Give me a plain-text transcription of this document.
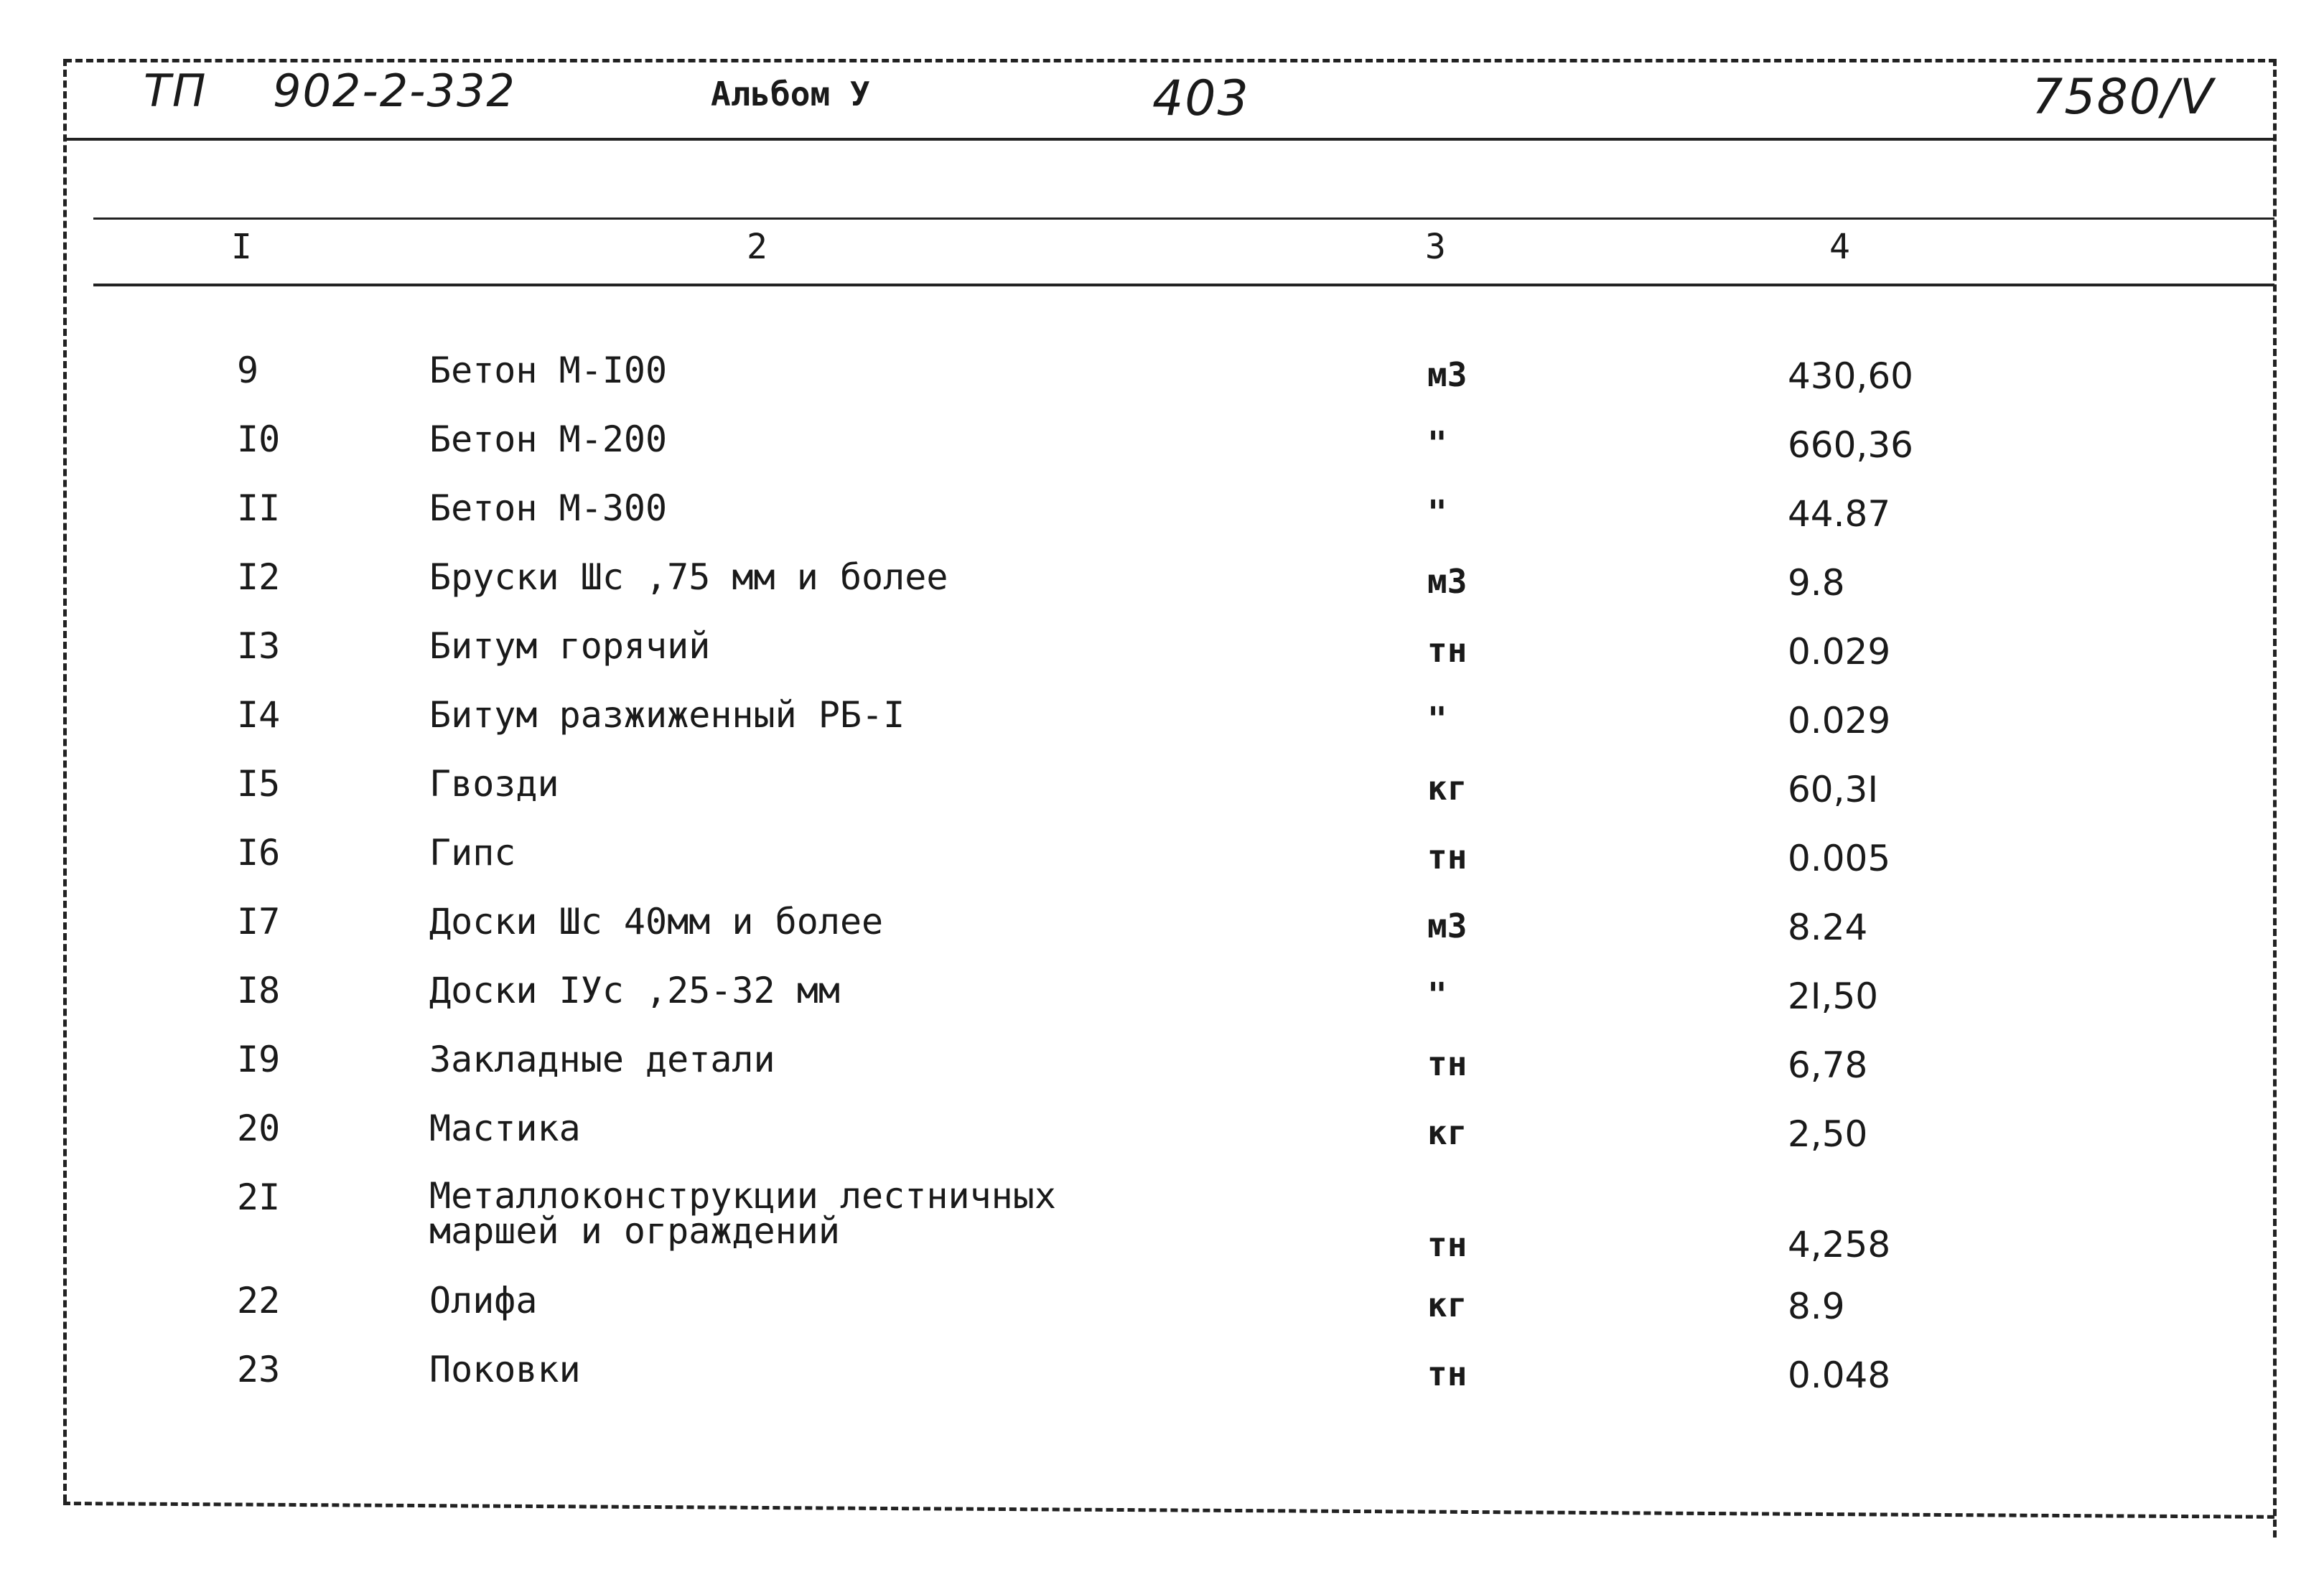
ТП 902-2-332	Альбом У	403	7580/V
I	2	3	4
9	Бетон М-I00	м3	430,60
I0	Бетон М-200	"	660,36
II	Бетон М-300	"	44.87
I2	Бруски Шс ,75 мм и более	м3	9.8
I3	Битум горячий	тн	0.029
I4	Битум разжиженный РБ-I	"	0.029
I5	Гвозди	кг	60,3I
I6	Гипс	тн	0.005
I7	Доски Шс 40мм и более	м3	8.24
I8	Доски IУс ,25-32 мм	"	2I,50
I9	Закладные детали	тн	6,78
20	Мастика	кг	2,50
2I	Металлоконструкции лестничных
маршей и ограждений	тн	4,258
22	Олифа	кг	8.9
23	Поковки	тн	0.048
